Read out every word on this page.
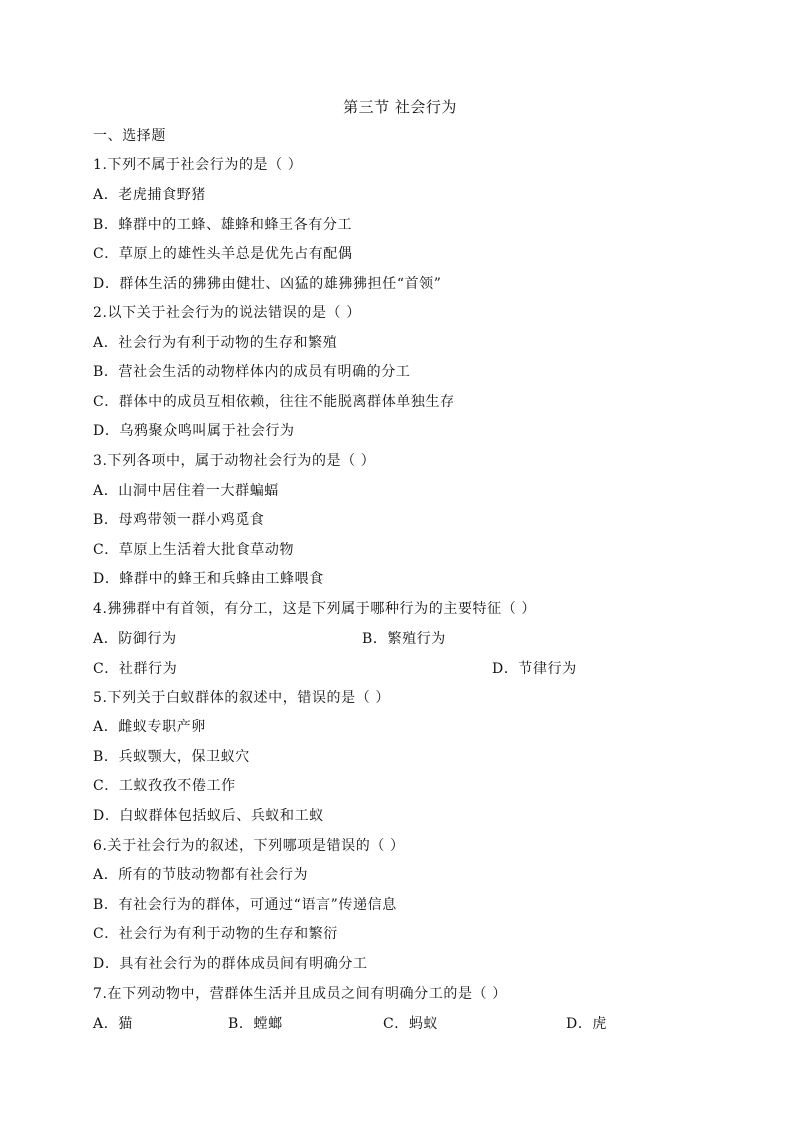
第三节 社会行为
一、选择题
1.下列不属于社会行为的是（ ）
A．老虎捕食野猪
B．蜂群中的工蜂、雄蜂和蜂王各有分工
C．草原上的雄性头羊总是优先占有配偶
D．群体生活的狒狒由健壮、凶猛的雄狒狒担任“首领”
2.以下关于社会行为的说法错误的是（ ）
A．社会行为有利于动物的生存和繁殖
B．营社会生活的动物样体内的成员有明确的分工
C．群体中的成员互相依赖，往往不能脱离群体单独生存
D．乌鸦聚众鸣叫属于社会行为
3.下列各项中，属于动物社会行为的是（ ）
A．山洞中居住着一大群蝙蝠
B．母鸡带领一群小鸡觅食
C．草原上生活着大批食草动物
D．蜂群中的蜂王和兵蜂由工蜂喂食
4.狒狒群中有首领，有分工，这是下列属于哪种行为的主要特征（ ）
A．防御行为	B．繁殖行为
C．社群行为	D．节律行为
5.下列关于白蚁群体的叙述中，错误的是（ ）
A．雌蚁专职产卵
B．兵蚁颚大，保卫蚁穴
C．工蚁孜孜不倦工作
D．白蚁群体包括蚁后、兵蚁和工蚁
6.关于社会行为的叙述，下列哪项是错误的（ ）
A．所有的节肢动物都有社会行为
B．有社会行为的群体，可通过“语言”传递信息
C．社会行为有利于动物的生存和繁衍
D．具有社会行为的群体成员间有明确分工
7.在下列动物中，营群体生活并且成员之间有明确分工的是（ ）
A．猫	B．螳螂	C．蚂蚁	D．虎
